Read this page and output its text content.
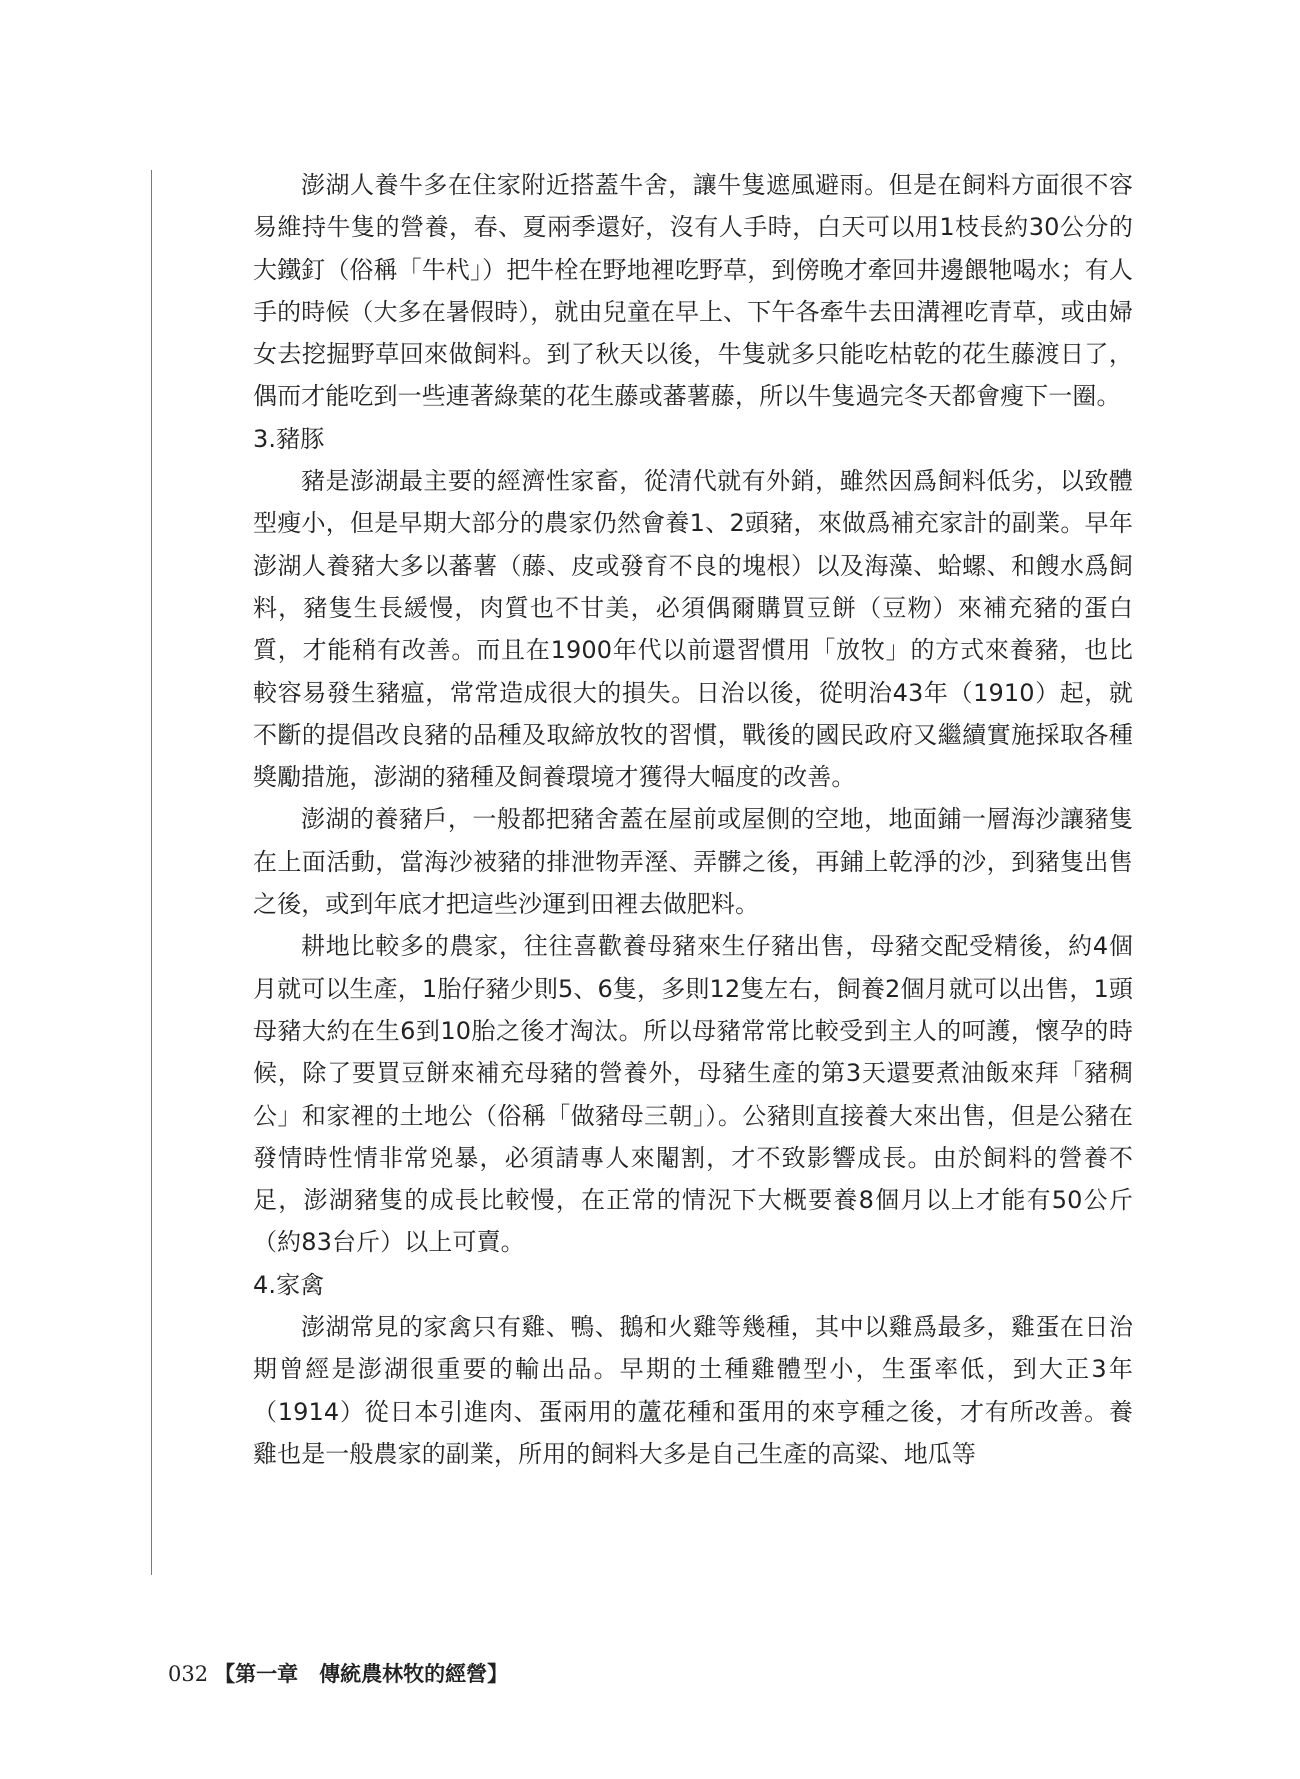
澎湖人養牛多在住家附近搭蓋牛舍，讓牛隻遮風避雨。但是在飼料方面很不容易維持牛隻的營養，春、夏兩季還好，沒有人手時，白天可以用1枝長約30公分的大鐵釘（俗稱「牛杙」）把牛栓在野地裡吃野草，到傍晚才牽回井邊餵牠喝水；有人手的時候（大多在暑假時），就由兒童在早上、下午各牽牛去田溝裡吃青草，或由婦女去挖掘野草回來做飼料。到了秋天以後，牛隻就多只能吃枯乾的花生藤渡日了，偶而才能吃到一些連著綠葉的花生藤或蕃薯藤，所以牛隻過完冬天都會瘦下一圈。

3.豬豚

豬是澎湖最主要的經濟性家畜，從清代就有外銷，雖然因爲飼料低劣，以致體型瘦小，但是早期大部分的農家仍然會養1、2頭豬，來做爲補充家計的副業。早年澎湖人養豬大多以蕃薯（藤、皮或發育不良的塊根）以及海藻、蛤螺、和餿水爲飼料，豬隻生長緩慢，肉質也不甘美，必須偶爾購買豆餅（豆粅）來補充豬的蛋白質，才能稍有改善。而且在1900年代以前還習慣用「放牧」的方式來養豬，也比較容易發生豬瘟，常常造成很大的損失。日治以後，從明治43年（1910）起，就不斷的提倡改良豬的品種及取締放牧的習慣，戰後的國民政府又繼續實施採取各種獎勵措施，澎湖的豬種及飼養環境才獲得大幅度的改善。

澎湖的養豬戶，一般都把豬舍蓋在屋前或屋側的空地，地面鋪一層海沙讓豬隻在上面活動，當海沙被豬的排泄物弄溼、弄髒之後，再鋪上乾淨的沙，到豬隻出售之後，或到年底才把這些沙運到田裡去做肥料。

耕地比較多的農家，往往喜歡養母豬來生仔豬出售，母豬交配受精後，約4個月就可以生產，1胎仔豬少則5、6隻，多則12隻左右，飼養2個月就可以出售，1頭母豬大約在生6到10胎之後才淘汰。所以母豬常常比較受到主人的呵護，懷孕的時候，除了要買豆餅來補充母豬的營養外，母豬生產的第3天還要煮油飯來拜「豬稠公」和家裡的土地公（俗稱「做豬母三朝」）。公豬則直接養大來出售，但是公豬在發情時性情非常兇暴，必須請專人來閹割，才不致影響成長。由於飼料的營養不足，澎湖豬隻的成長比較慢，在正常的情況下大概要養8個月以上才能有50公斤（約83台斤）以上可賣。

4.家禽

澎湖常見的家禽只有雞、鴨、鵝和火雞等幾種，其中以雞爲最多，雞蛋在日治期曾經是澎湖很重要的輸出品。早期的土種雞體型小，生蛋率低，到大正3年（1914）從日本引進肉、蛋兩用的蘆花種和蛋用的來亨種之後，才有所改善。養雞也是一般農家的副業，所用的飼料大多是自己生產的高粱、地瓜等

032 【第一章　傳統農林牧的經營】
